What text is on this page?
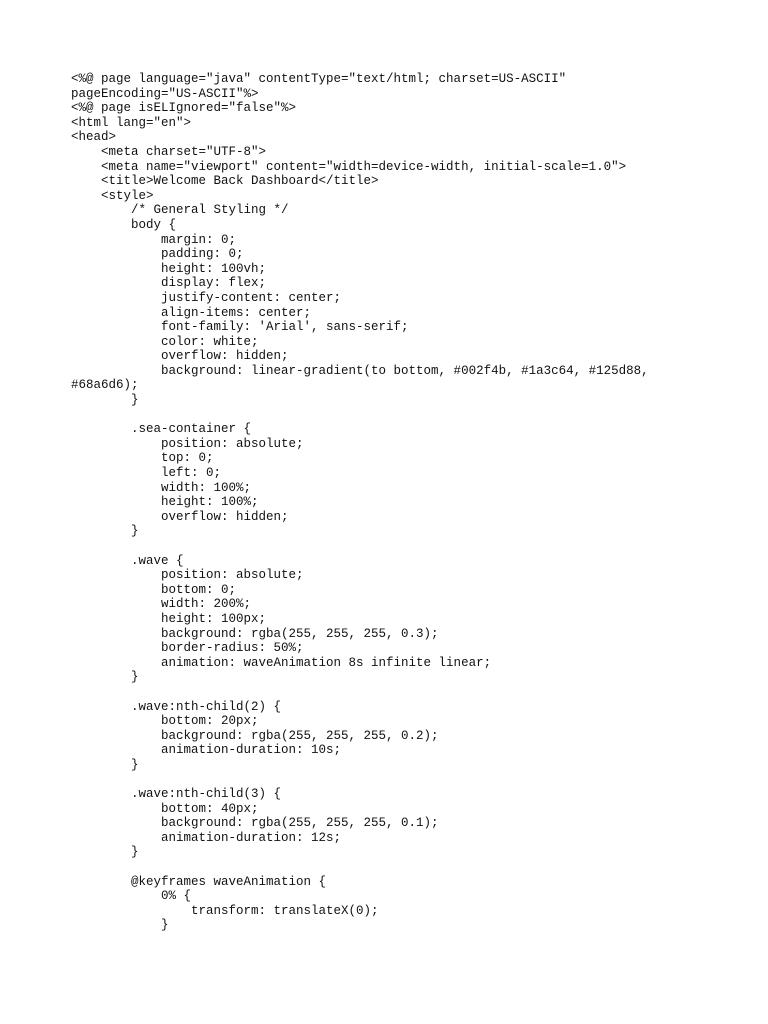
<%@ page language="java" contentType="text/html; charset=US-ASCII"
pageEncoding="US-ASCII"%>
<%@ page isELIgnored="false"%>
<html lang="en">
<head>
<meta charset="UTF-8">
<meta name="viewport" content="width=device-width, initial-scale=1.0">
<title>Welcome Back Dashboard</title>
<style>
/* General Styling */
body {
margin: 0;
padding: 0;
height: 100vh;
display: flex;
justify-content: center;
align-items: center;
font-family: 'Arial', sans-serif;
color: white;
overflow: hidden;
background: linear-gradient(to bottom, #002f4b, #1a3c64, #125d88,
#68a6d6);
}
.sea-container {
position: absolute;
top: 0;
left: 0;
width: 100%;
height: 100%;
overflow: hidden;
}
.wave {
position: absolute;
bottom: 0;
width: 200%;
height: 100px;
background: rgba(255, 255, 255, 0.3);
border-radius: 50%;
animation: waveAnimation 8s infinite linear;
}
.wave:nth-child(2) {
bottom: 20px;
background: rgba(255, 255, 255, 0.2);
animation-duration: 10s;
}
.wave:nth-child(3) {
bottom: 40px;
background: rgba(255, 255, 255, 0.1);
animation-duration: 12s;
}
@keyframes waveAnimation {
0% {
transform: translateX(0);
}
